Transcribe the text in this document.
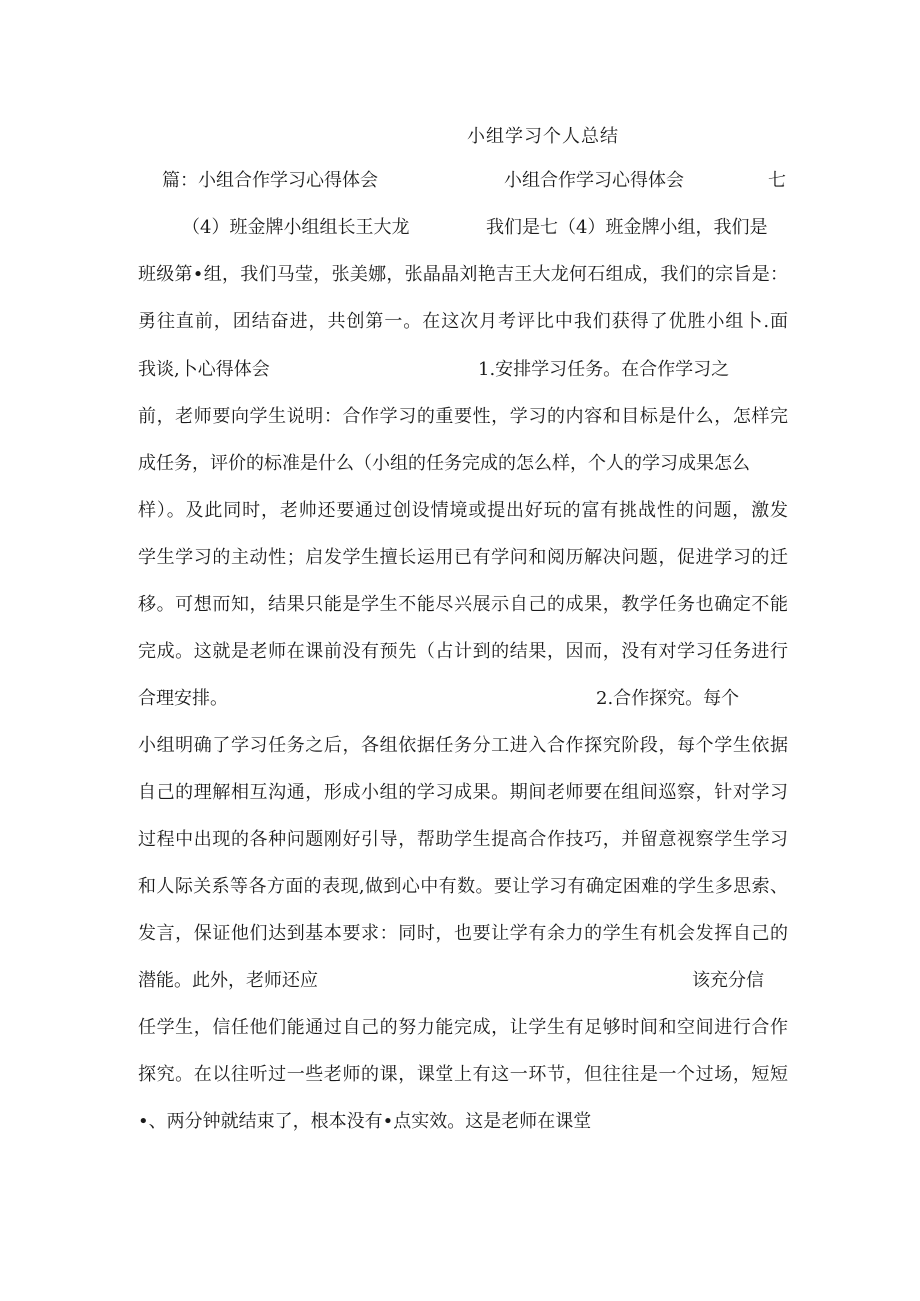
小组学习个人总结
篇：小组合作学习心得体会	小组合作学习心得体会	七
（4）班金牌小组组长王大龙	我们是七（4）班金牌小组，我们是
班级第•组，我们马莹，张美娜，张晶晶刘艳吉王大龙何石组成，我们的宗旨是：
勇往直前，团结奋进，共创第一。在这次月考评比中我们获得了优胜小组卜.面
我谈,卜心得体会	1.安排学习任务。在合作学习之
前，老师要向学生说明：合作学习的重要性，学习的内容和目标是什么，怎样完
成任务，评价的标准是什么（小组的任务完成的怎么样，个人的学习成果怎么
样）。及此同时，老帅还要通过创设情境或提出好玩的富有挑战性的问题，激发
学生学习的主动性；启发学生擅长运用已有学问和阅历解决问题，促进学习的迁
移。可想而知，结果只能是学生不能尽兴展示自己的成果，教学任务也确定不能
完成。这就是老师在课前没有预先（占计到的结果，因而，没有对学习任务进行
合理安排。	2.合作探究。每个
小组明确了学习任务之后，各组依据任务分工进入合作探究阶段，每个学生依据
自己的理解相互沟通，形成小组的学习成果。期间老师要在组间巡察，针对学习
过程中出现的各种问题刚好引导，帮助学生提高合作技巧，并留意视察学生学习
和人际关系等各方面的表现,做到心中有数。要让学习有确定困难的学生多思索、
发言，保证他们达到基本要求：同时，也要让学有余力的学生有机会发挥自己的
潜能。此外，老师还应	该充分信
任学生，信任他们能通过自己的努力能完成，让学生有足够时间和空间进行合作
探究。在以往听过一些老师的课，课堂上有这一环节，但往往是一个过场，短短
•、两分钟就结束了，根本没有•点实效。这是老师在课堂
